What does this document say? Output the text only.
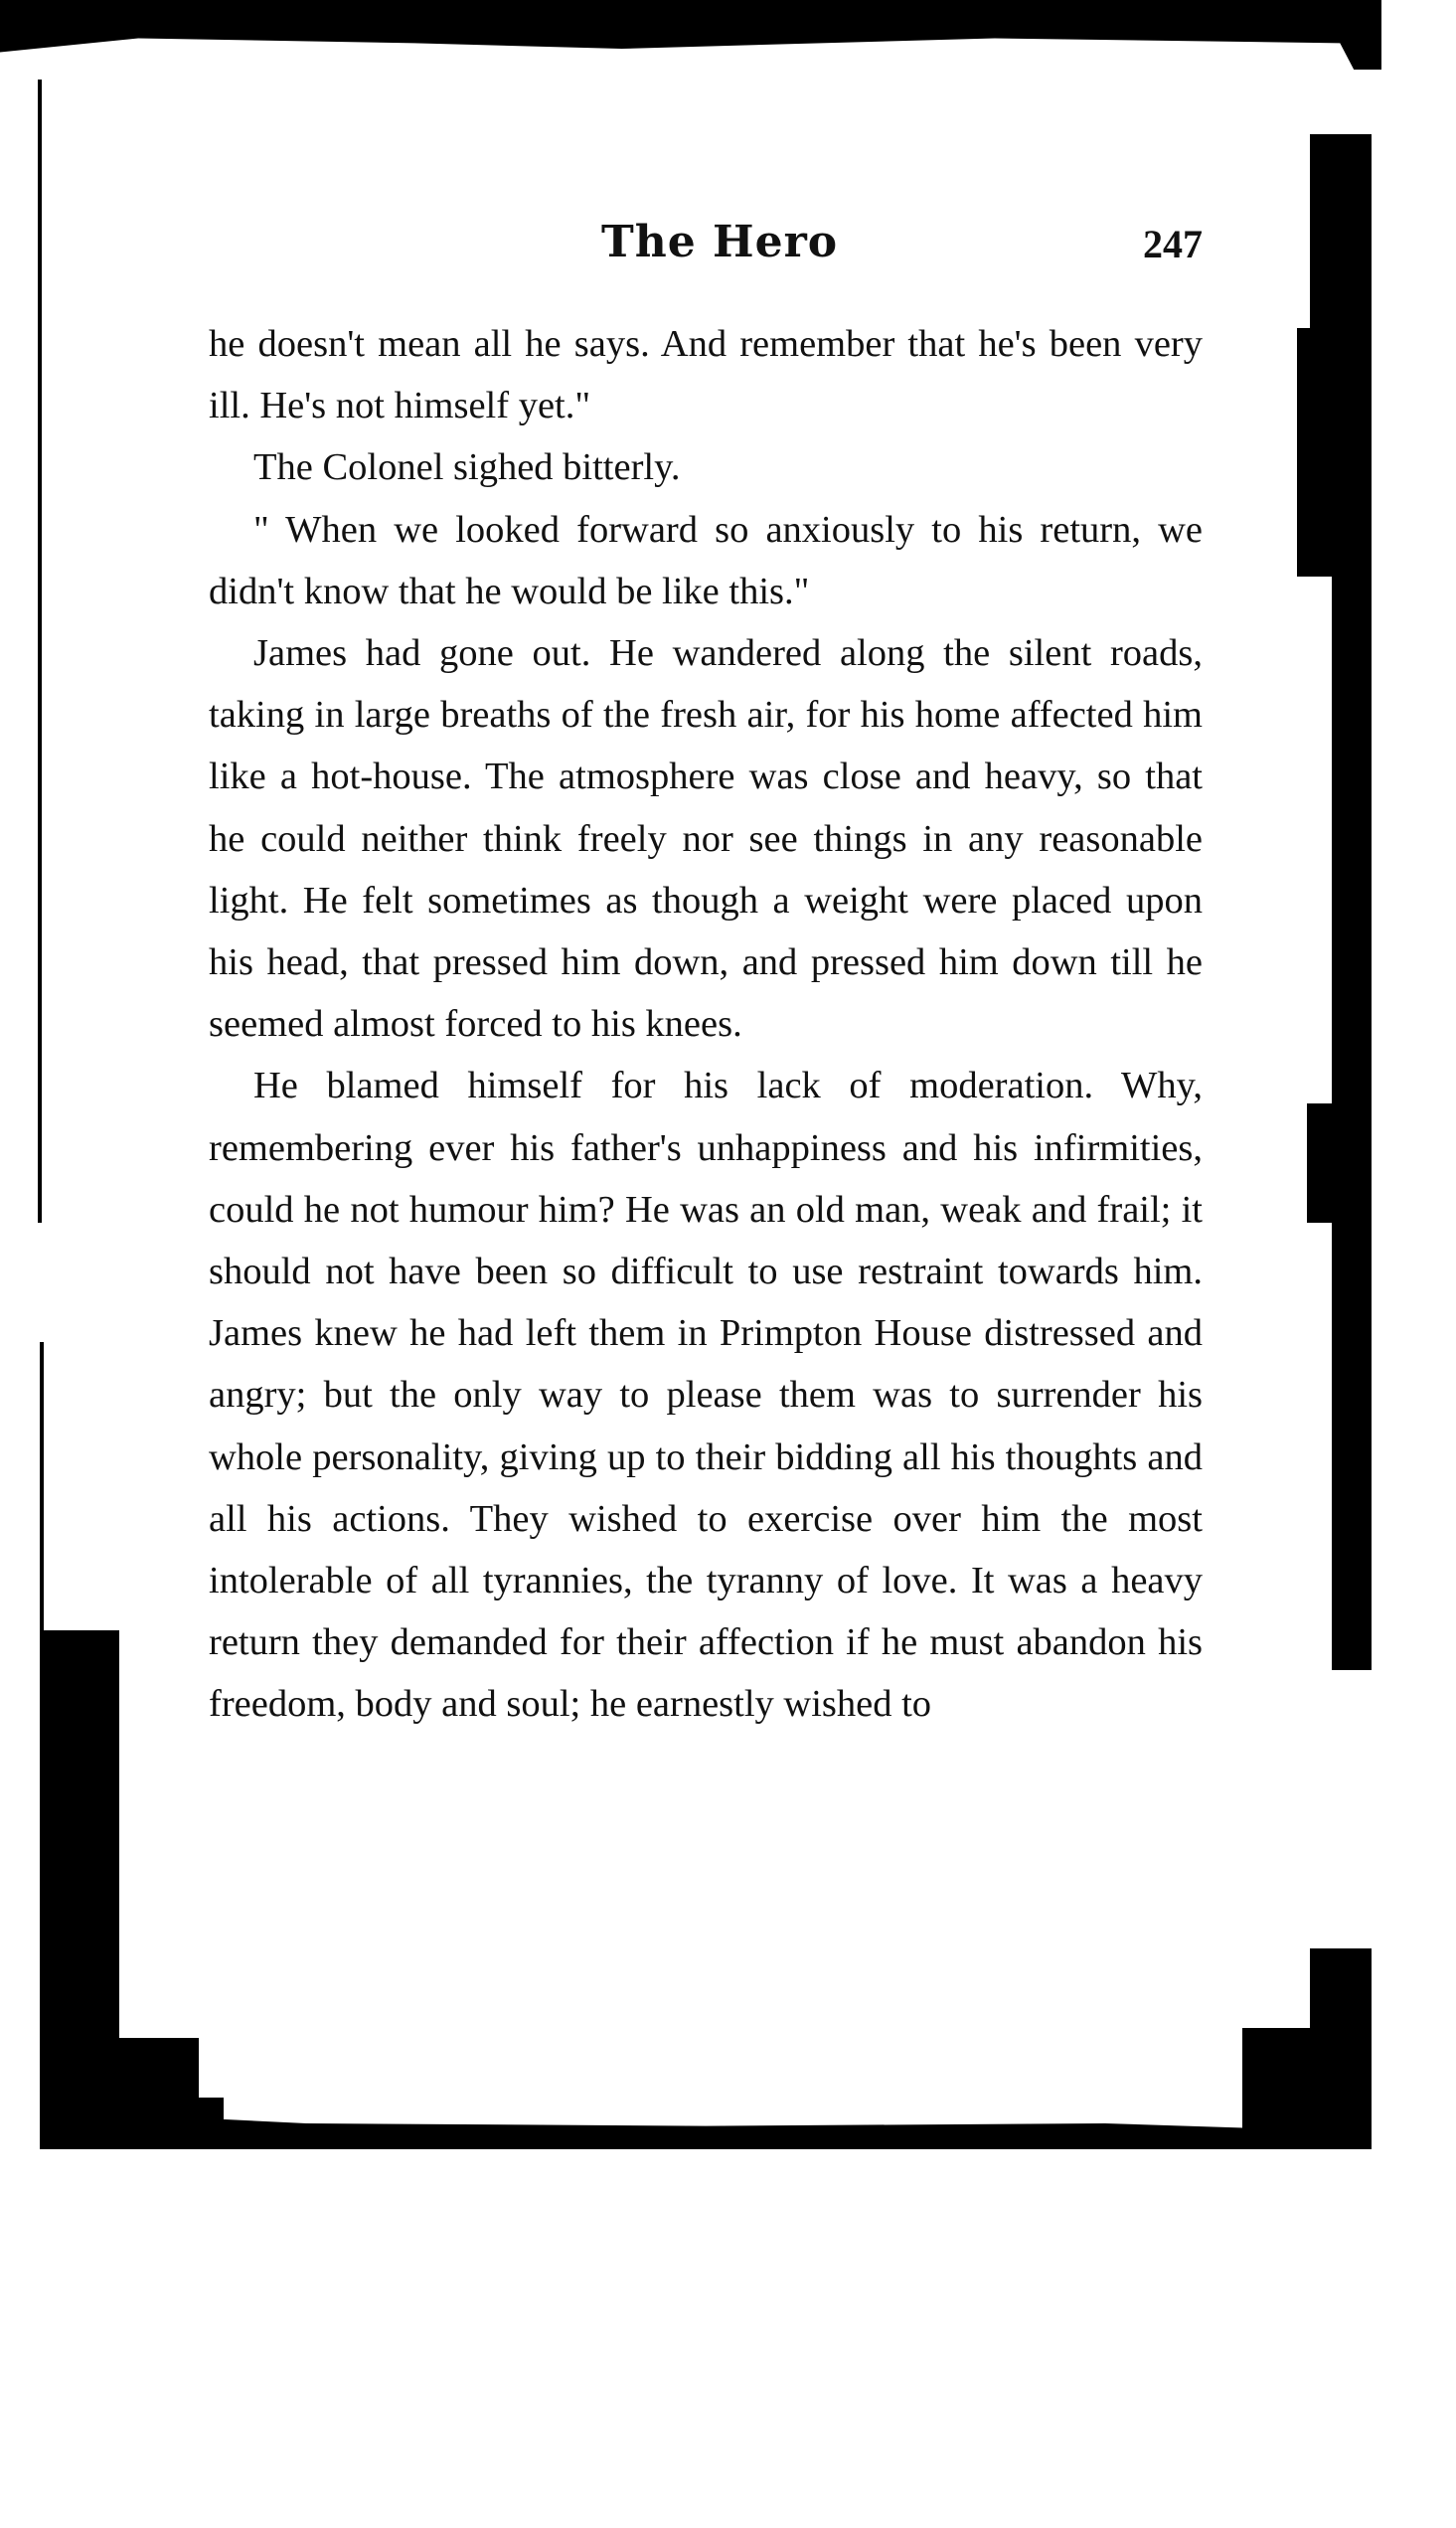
The Hero	247

he doesn't mean all he says. And remember that he's been very ill. He's not himself yet."

The Colonel sighed bitterly.

" When we looked forward so anxiously to his return, we didn't know that he would be like this."

James had gone out. He wandered along the silent roads, taking in large breaths of the fresh air, for his home affected him like a hot-house. The atmosphere was close and heavy, so that he could neither think freely nor see things in any reasonable light. He felt sometimes as though a weight were placed upon his head, that pressed him down, and pressed him down till he seemed almost forced to his knees.

He blamed himself for his lack of moderation. Why, remembering ever his father's unhappiness and his infirmities, could he not humour him? He was an old man, weak and frail; it should not have been so difficult to use restraint towards him. James knew he had left them in Primpton House distressed and angry; but the only way to please them was to surrender his whole personality, giving up to their bidding all his thoughts and all his actions. They wished to exercise over him the most intolerable of all tyrannies, the tyranny of love. It was a heavy return they demanded for their affection if he must abandon his freedom, body and soul; he earnestly wished to
